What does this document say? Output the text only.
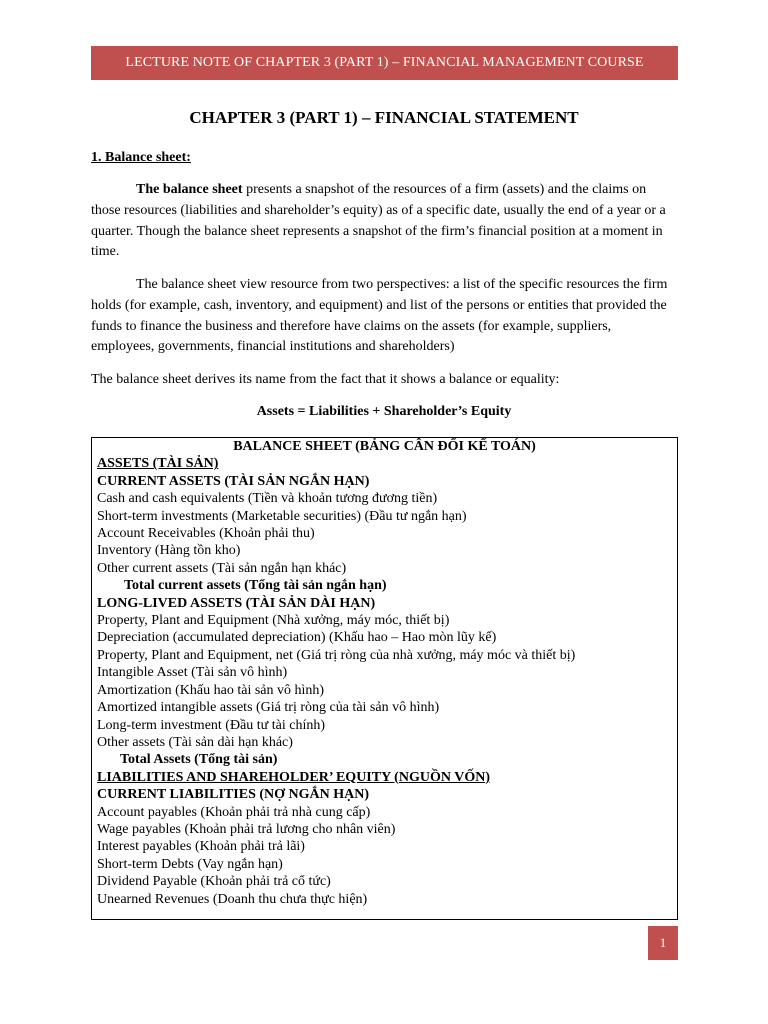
LECTURE NOTE OF CHAPTER 3 (PART 1) – FINANCIAL MANAGEMENT COURSE
CHAPTER 3 (PART 1) – FINANCIAL STATEMENT
1. Balance sheet:

The balance sheet presents a snapshot of the resources of a firm (assets) and the claims on those resources (liabilities and shareholder’s equity) as of a specific date, usually the end of a year or a quarter. Though the balance sheet represents a snapshot of the firm’s financial position at a moment in time.

The balance sheet view resource from two perspectives: a list of the specific resources the firm holds (for example, cash, inventory, and equipment) and list of the persons or entities that provided the funds to finance the business and therefore have claims on the assets (for example, suppliers, employees, governments, financial institutions and shareholders)

The balance sheet derives its name from the fact that it shows a balance or equality:

Assets = Liabilities + Shareholder’s Equity
BALANCE SHEET (BẢNG CÂN ĐỐI KẾ TOÁN)
ASSETS (TÀI SẢN)
CURRENT ASSETS (TÀI SẢN NGẮN HẠN)
Cash and cash equivalents (Tiền và khoản tương đương tiền)
Short-term investments (Marketable securities) (Đầu tư ngắn hạn)
Account Receivables (Khoản phải thu)
Inventory (Hàng tồn kho)
Other current assets (Tài sản ngắn hạn khác)
Total current assets (Tổng tài sản ngắn hạn)
LONG-LIVED ASSETS (TÀI SẢN DÀI HẠN)
Property, Plant and Equipment (Nhà xưởng, máy móc, thiết bị)
Depreciation (accumulated depreciation) (Khấu hao – Hao mòn lũy kế)
Property, Plant and Equipment, net (Giá trị ròng của nhà xưởng, máy móc và thiết bị)
Intangible Asset (Tài sản vô hình)
Amortization (Khấu hao tài sản vô hình)
Amortized intangible assets (Giá trị ròng của tài sản vô hình)
Long-term investment (Đầu tư tài chính)
Other assets (Tài sản dài hạn khác)
Total Assets (Tổng tài sản)
LIABILITIES AND SHAREHOLDER’ EQUITY (NGUỒN VỐN)
CURRENT LIABILITIES (NỢ NGẮN HẠN)
Account payables (Khoản phải trả nhà cung cấp)
Wage payables (Khoản phải trả lương cho nhân viên)
Interest payables (Khoản phải trả lãi)
Short-term Debts (Vay ngắn hạn)
Dividend Payable (Khoản phải trả cổ tức)
Unearned Revenues (Doanh thu chưa thực hiện)
1
